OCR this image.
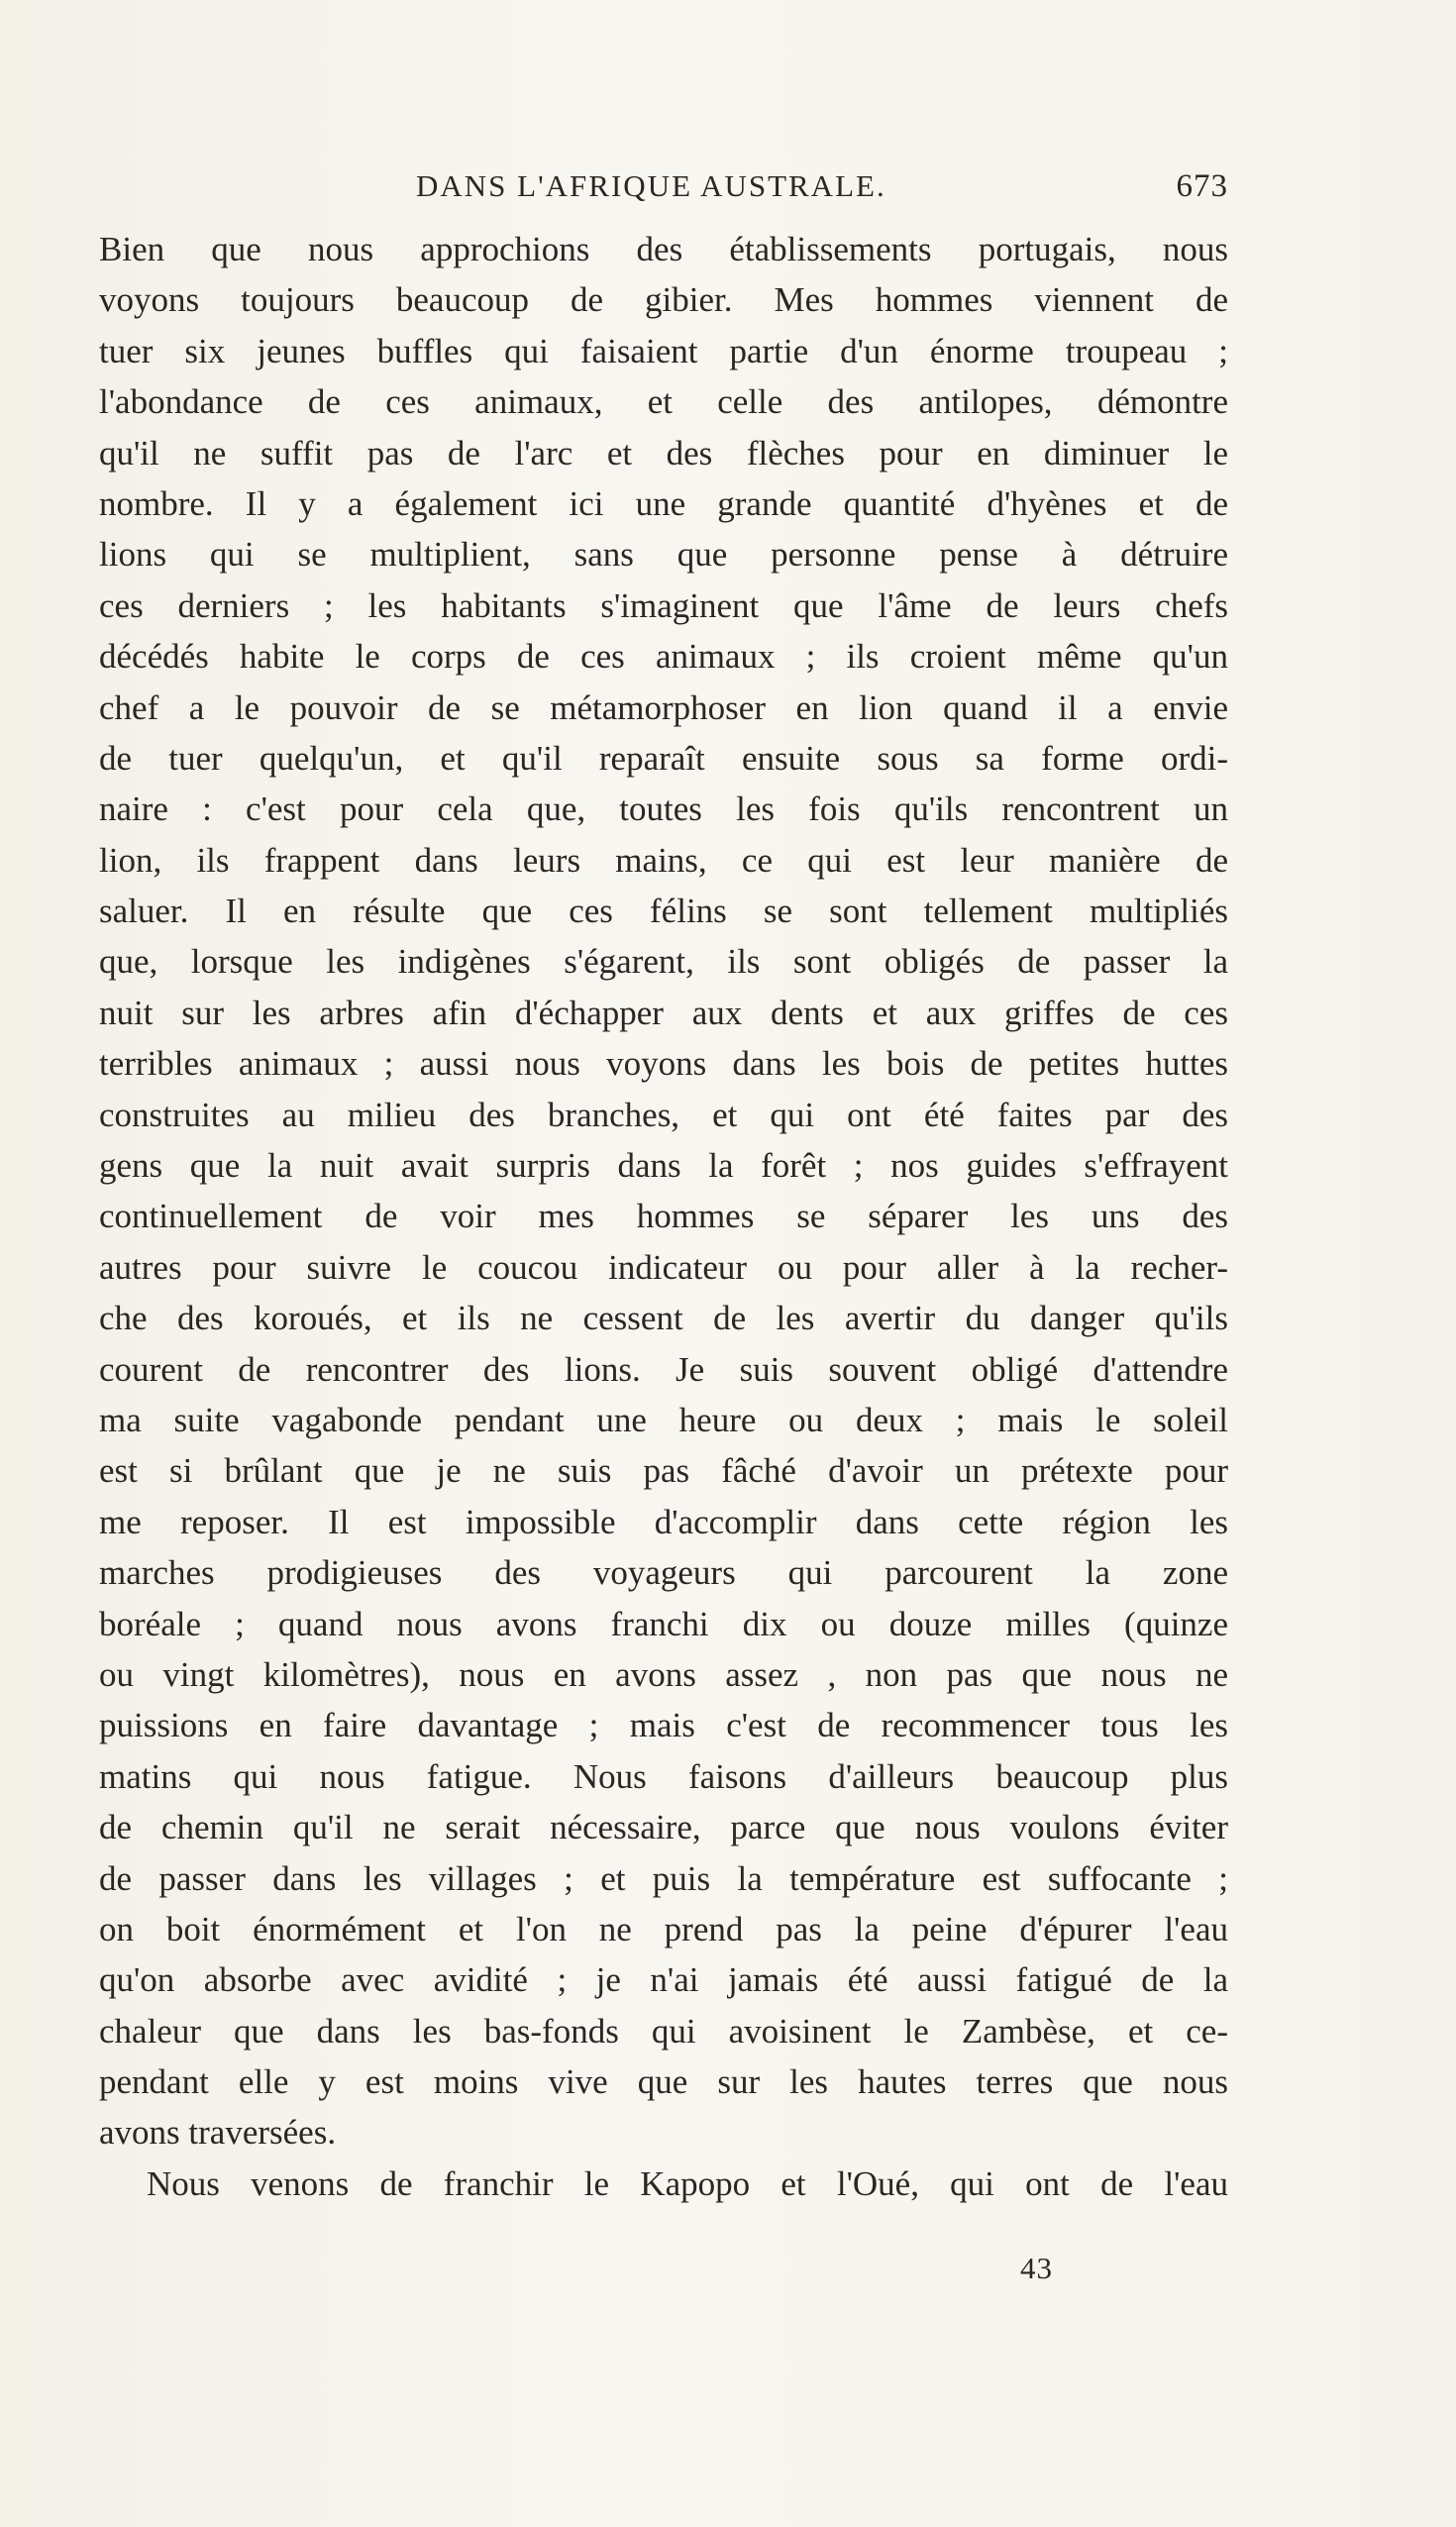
DANS L'AFRIQUE AUSTRALE.	673
Bien que nous approchions des établissements portugais, nous
voyons toujours beaucoup de gibier. Mes hommes viennent de
tuer six jeunes buffles qui faisaient partie d'un énorme troupeau ;
l'abondance de ces animaux, et celle des antilopes, démontre
qu'il ne suffit pas de l'arc et des flèches pour en diminuer le
nombre. Il y a également ici une grande quantité d'hyènes et de
lions qui se multiplient, sans que personne pense à détruire
ces derniers ; les habitants s'imaginent que l'âme de leurs chefs
décédés habite le corps de ces animaux ; ils croient même qu'un
chef a le pouvoir de se métamorphoser en lion quand il a envie
de tuer quelqu'un, et qu'il reparaît ensuite sous sa forme ordi-
naire : c'est pour cela que, toutes les fois qu'ils rencontrent un
lion, ils frappent dans leurs mains, ce qui est leur manière de
saluer. Il en résulte que ces félins se sont tellement multipliés
que, lorsque les indigènes s'égarent, ils sont obligés de passer la
nuit sur les arbres afin d'échapper aux dents et aux griffes de ces
terribles animaux ; aussi nous voyons dans les bois de petites huttes
construites au milieu des branches, et qui ont été faites par des
gens que la nuit avait surpris dans la forêt ; nos guides s'effrayent
continuellement de voir mes hommes se séparer les uns des
autres pour suivre le coucou indicateur ou pour aller à la recher-
che des koroués, et ils ne cessent de les avertir du danger qu'ils
courent de rencontrer des lions. Je suis souvent obligé d'attendre
ma suite vagabonde pendant une heure ou deux ; mais le soleil
est si brûlant que je ne suis pas fâché d'avoir un prétexte pour
me reposer. Il est impossible d'accomplir dans cette région les
marches prodigieuses des voyageurs qui parcourent la zone
boréale ; quand nous avons franchi dix ou douze milles (quinze
ou vingt kilomètres), nous en avons assez , non pas que nous ne
puissions en faire davantage ; mais c'est de recommencer tous les
matins qui nous fatigue. Nous faisons d'ailleurs beaucoup plus
de chemin qu'il ne serait nécessaire, parce que nous voulons éviter
de passer dans les villages ; et puis la température est suffocante ;
on boit énormément et l'on ne prend pas la peine d'épurer l'eau
qu'on absorbe avec avidité ; je n'ai jamais été aussi fatigué de la
chaleur que dans les bas-fonds qui avoisinent le Zambèse, et ce-
pendant elle y est moins vive que sur les hautes terres que nous
avons traversées.
Nous venons de franchir le Kapopo et l'Oué, qui ont de l'eau
43
